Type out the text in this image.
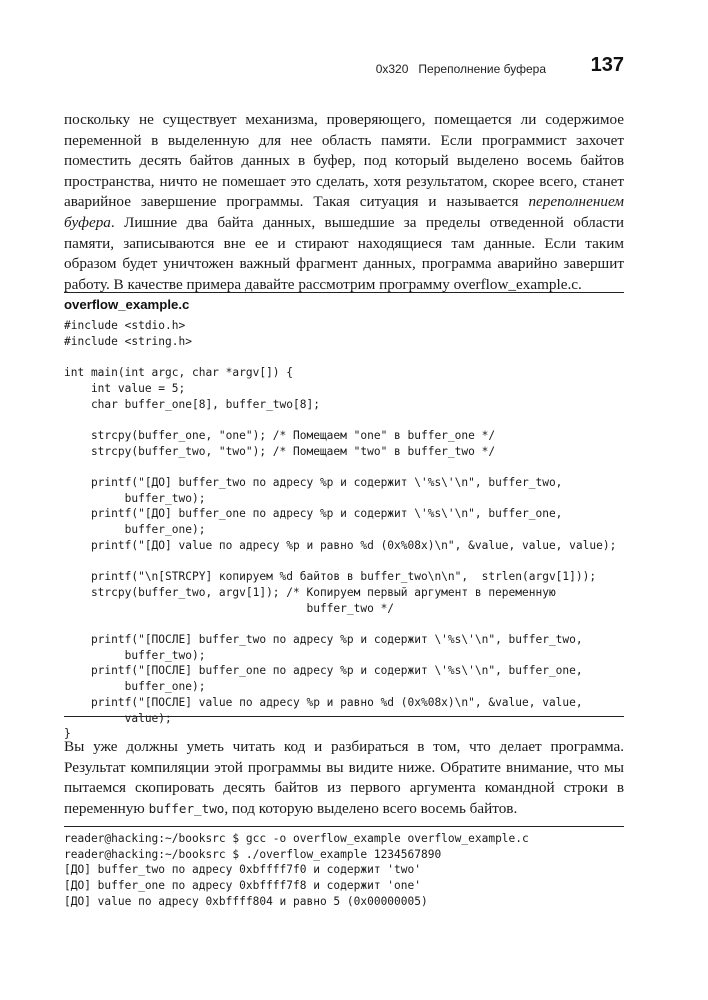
0x320 Переполнение буфера 137

поскольку не существует механизма, проверяющего, помещается ли содержимое переменной в выделенную для нее область памяти. Если программист захочет поместить десять байтов данных в буфер, под который выделено восемь байтов пространства, ничто не помешает это сделать, хотя результатом, скорее всего, станет аварийное завершение программы. Такая ситуация и называется переполнением буфера. Лишние два байта данных, вышедшие за пределы отведенной области памяти, записываются вне ее и стирают находящиеся там данные. Если таким образом будет уничтожен важный фрагмент данных, программа аварийно завершит работу. В качестве примера давайте рассмотрим программу overflow_example.c.

overflow_example.c
#include <stdio.h>
#include <string.h>

int main(int argc, char *argv[]) {
int value = 5;
char buffer_one[8], buffer_two[8];

strcpy(buffer_one, "one"); /* Помещаем "one" в buffer_one */
strcpy(buffer_two, "two"); /* Помещаем "two" в buffer_two */

printf("[ДО] buffer_two по адресу %p и содержит \'%s\'\n", buffer_two,
buffer_two);
printf("[ДО] buffer_one по адресу %p и содержит \'%s\'\n", buffer_one,
buffer_one);
printf("[ДО] value по адресу %p и равно %d (0x%08x)\n", &value, value, value);

printf("\n[STRCPY] копируем %d байтов в buffer_two\n\n",  strlen(argv[1]));
strcpy(buffer_two, argv[1]); /* Копируем первый аргумент в переменную
buffer_two */

printf("[ПОСЛЕ] buffer_two по адресу %p и содержит \'%s\'\n", buffer_two,
buffer_two);
printf("[ПОСЛЕ] buffer_one по адресу %p и содержит \'%s\'\n", buffer_one,
buffer_one);
printf("[ПОСЛЕ] value по адресу %p и равно %d (0x%08x)\n", &value, value,
value);
}

Вы уже должны уметь читать код и разбираться в том, что делает программа. Результат компиляции этой программы вы видите ниже. Обратите внимание, что мы пытаемся скопировать десять байтов из первого аргумента командной строки в переменную buffer_two, под которую выделено всего восемь байтов.

reader@hacking:~/booksrc $ gcc -o overflow_example overflow_example.c
reader@hacking:~/booksrc $ ./overflow_example 1234567890
[ДО] buffer_two по адресу 0xbffff7f0 и содержит 'two'
[ДО] buffer_one по адресу 0xbffff7f8 и содержит 'one'
[ДО] value по адресу 0xbffff804 и равно 5 (0x00000005)
